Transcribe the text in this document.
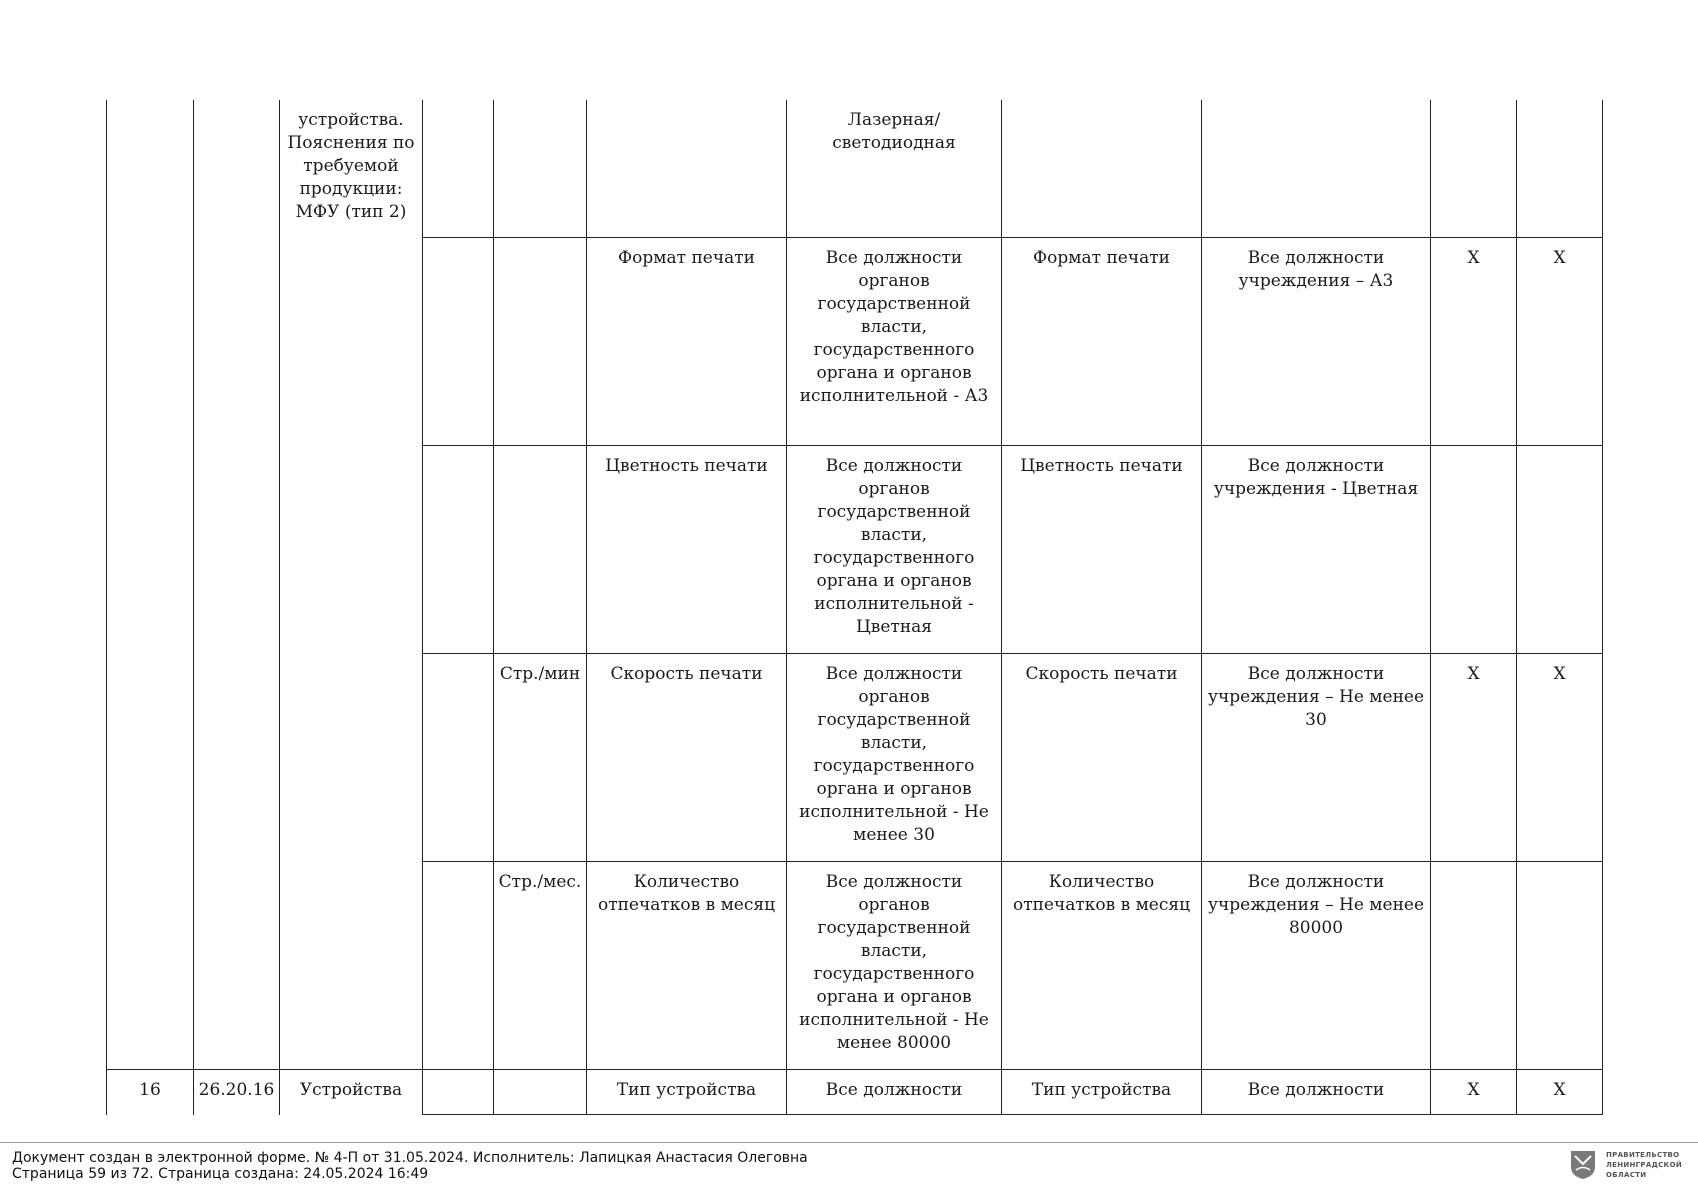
		устройства. Пояснения по требуемой продукции: МФУ (тип 2)				Лазерная/светодиодная				
					Формат печати	Все должности органов государственной власти, государственного органа и органов исполнительной - А3	Формат печати	Все должности учреждения – А3	X	X
					Цветность печати	Все должности органов государственной власти, государственного органа и органов исполнительной - Цветная	Цветность печати	Все должности учреждения - Цветная		
				Стр./мин	Скорость печати	Все должности органов государственной власти, государственного органа и органов исполнительной - Не менее 30	Скорость печати	Все должности учреждения – Не менее 30	X	X
				Стр./мес.	Количество отпечатков в месяц	Все должности органов государственной власти, государственного органа и органов исполнительной - Не менее 80000	Количество отпечатков в месяц	Все должности учреждения – Не менее 80000		
16	26.20.16	Устройства			Тип устройства	Все должности	Тип устройства	Все должности	X	X
Документ создан в электронной форме. № 4-П от 31.05.2024. Исполнитель: Лапицкая Анастасия Олеговна
Страница 59 из 72. Страница создана: 24.05.2024 16:49
ПРАВИТЕЛЬСТВО
ЛЕНИНГРАДСКОЙ
ОБЛАСТИ
